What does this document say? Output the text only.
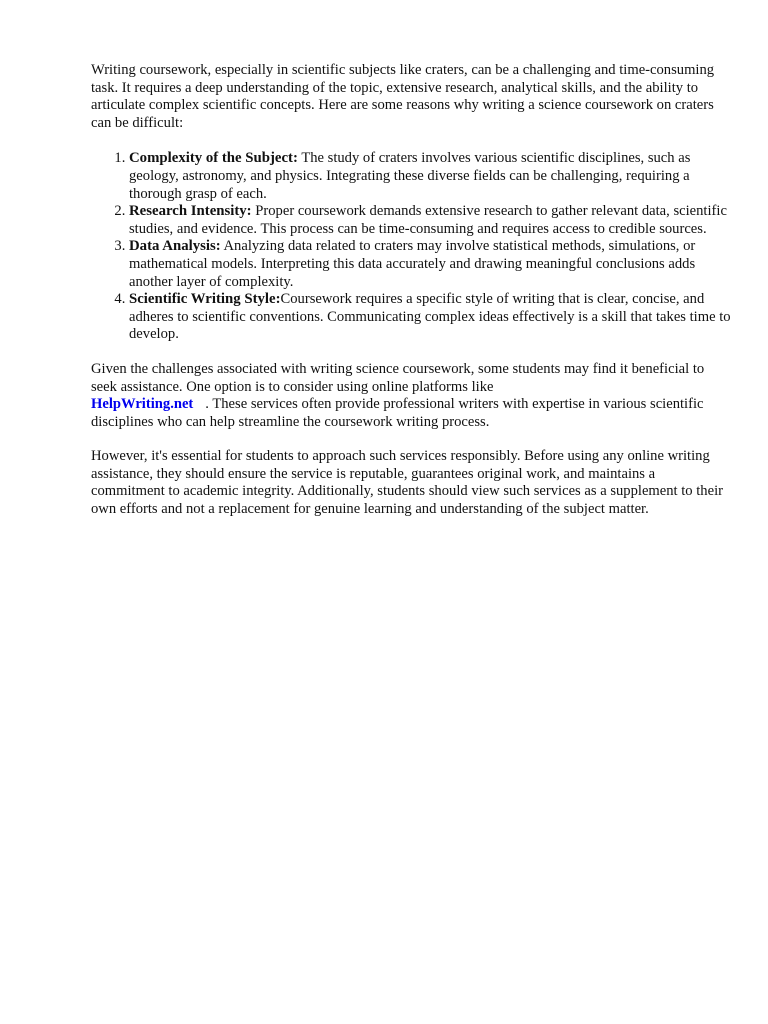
Writing coursework, especially in scientific subjects like craters, can be a challenging and time-consuming task. It requires a deep understanding of the topic, extensive research, analytical skills, and the ability to articulate complex scientific concepts. Here are some reasons why writing a science coursework on craters can be difficult:

1. Complexity of the Subject: The study of craters involves various scientific disciplines, such as geology, astronomy, and physics. Integrating these diverse fields can be challenging, requiring a thorough grasp of each.
2. Research Intensity: Proper coursework demands extensive research to gather relevant data, scientific studies, and evidence. This process can be time-consuming and requires access to credible sources.
3. Data Analysis: Analyzing data related to craters may involve statistical methods, simulations, or mathematical models. Interpreting this data accurately and drawing meaningful conclusions adds another layer of complexity.
4. Scientific Writing Style:Coursework requires a specific style of writing that is clear, concise, and adheres to scientific conventions. Communicating complex ideas effectively is a skill that takes time to develop.

Given the challenges associated with writing science coursework, some students may find it beneficial to seek assistance. One option is to consider using online platforms like
HelpWriting.net . These services often provide professional writers with expertise in various scientific disciplines who can help streamline the coursework writing process.

However, it's essential for students to approach such services responsibly. Before using any online writing assistance, they should ensure the service is reputable, guarantees original work, and maintains a commitment to academic integrity. Additionally, students should view such services as a supplement to their own efforts and not a replacement for genuine learning and understanding of the subject matter.
